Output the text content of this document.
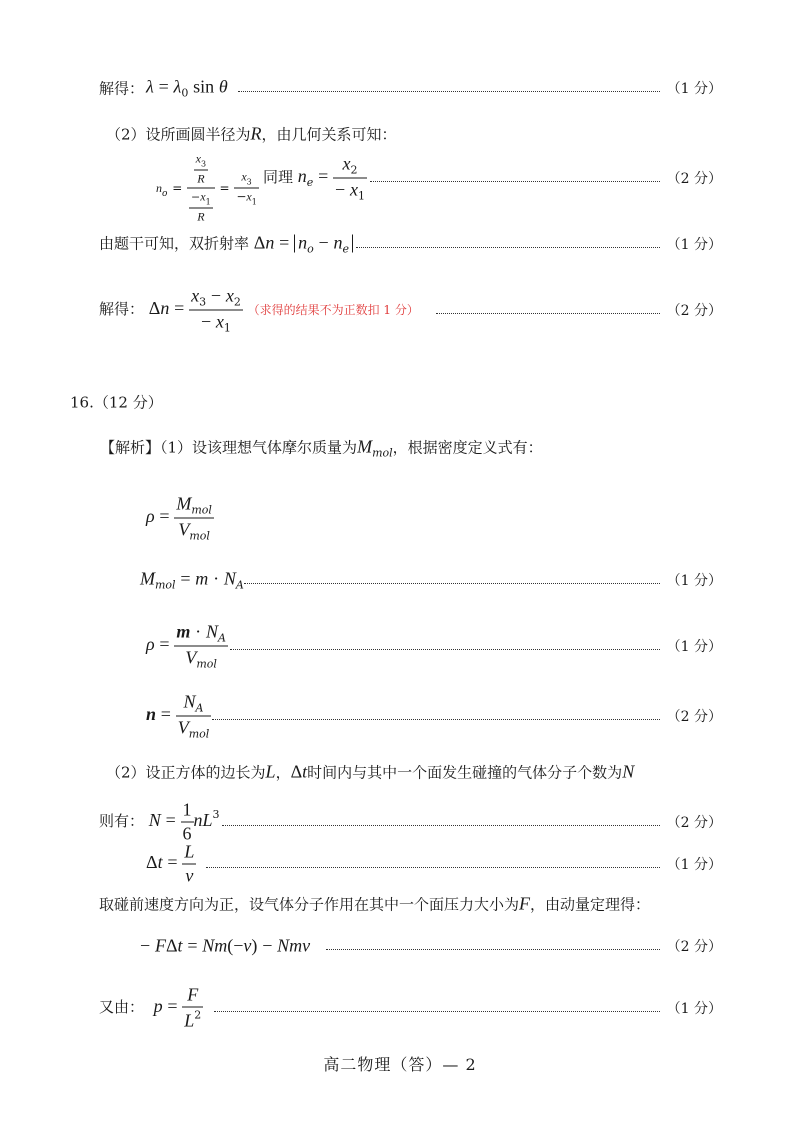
解得： $\lambda = \lambda_0$ sin θ	（1 分）
（2）设所画圆半径为R，由几何关系可知：
$n_o = \frac{\frac{x_3}{R}}{\frac{-x_1}{R}} = \frac{x_3}{-x_1}$ 同理 $n_e = \frac{x_2}{- x_1}$	（2 分）
由题干可知，双折射率 $\Delta n = n_o - n_e$	（1 分）
解得： $\Delta n = \frac{x_3 - x_2}{- x_1}$ （求得的结果不为正数扣 1 分）	（2 分）
16.（12 分）
【解析】（1）设该理想气体摩尔质量为$M_{mol}$，根据密度定义式有：
$\rho = \frac{M_{mol}}{V_{mol}}$
$M_{mol} = m \cdot N_A$	（1 分）
$\rho = \frac{m \cdot N_A}{V_{mol}}$	（1 分）
$n = \frac{N_A}{V_{mol}}$	（2 分）
（2）设正方体的边长为L，Δt时间内与其中一个面发生碰撞的气体分子个数为N
则有： $N = \frac{1}{6} nL^3$
（2 分）
$\Delta t = \frac{L}{v}$	（1 分）
取碰前速度方向为正，设气体分子作用在其中一个面压力大小为F，由动量定理得：
− FΔt = Nm(−v) − Nmv	（2 分）
又由： $p = \frac{F}{L^2}$	（1 分）
高二物理（答）— 2
